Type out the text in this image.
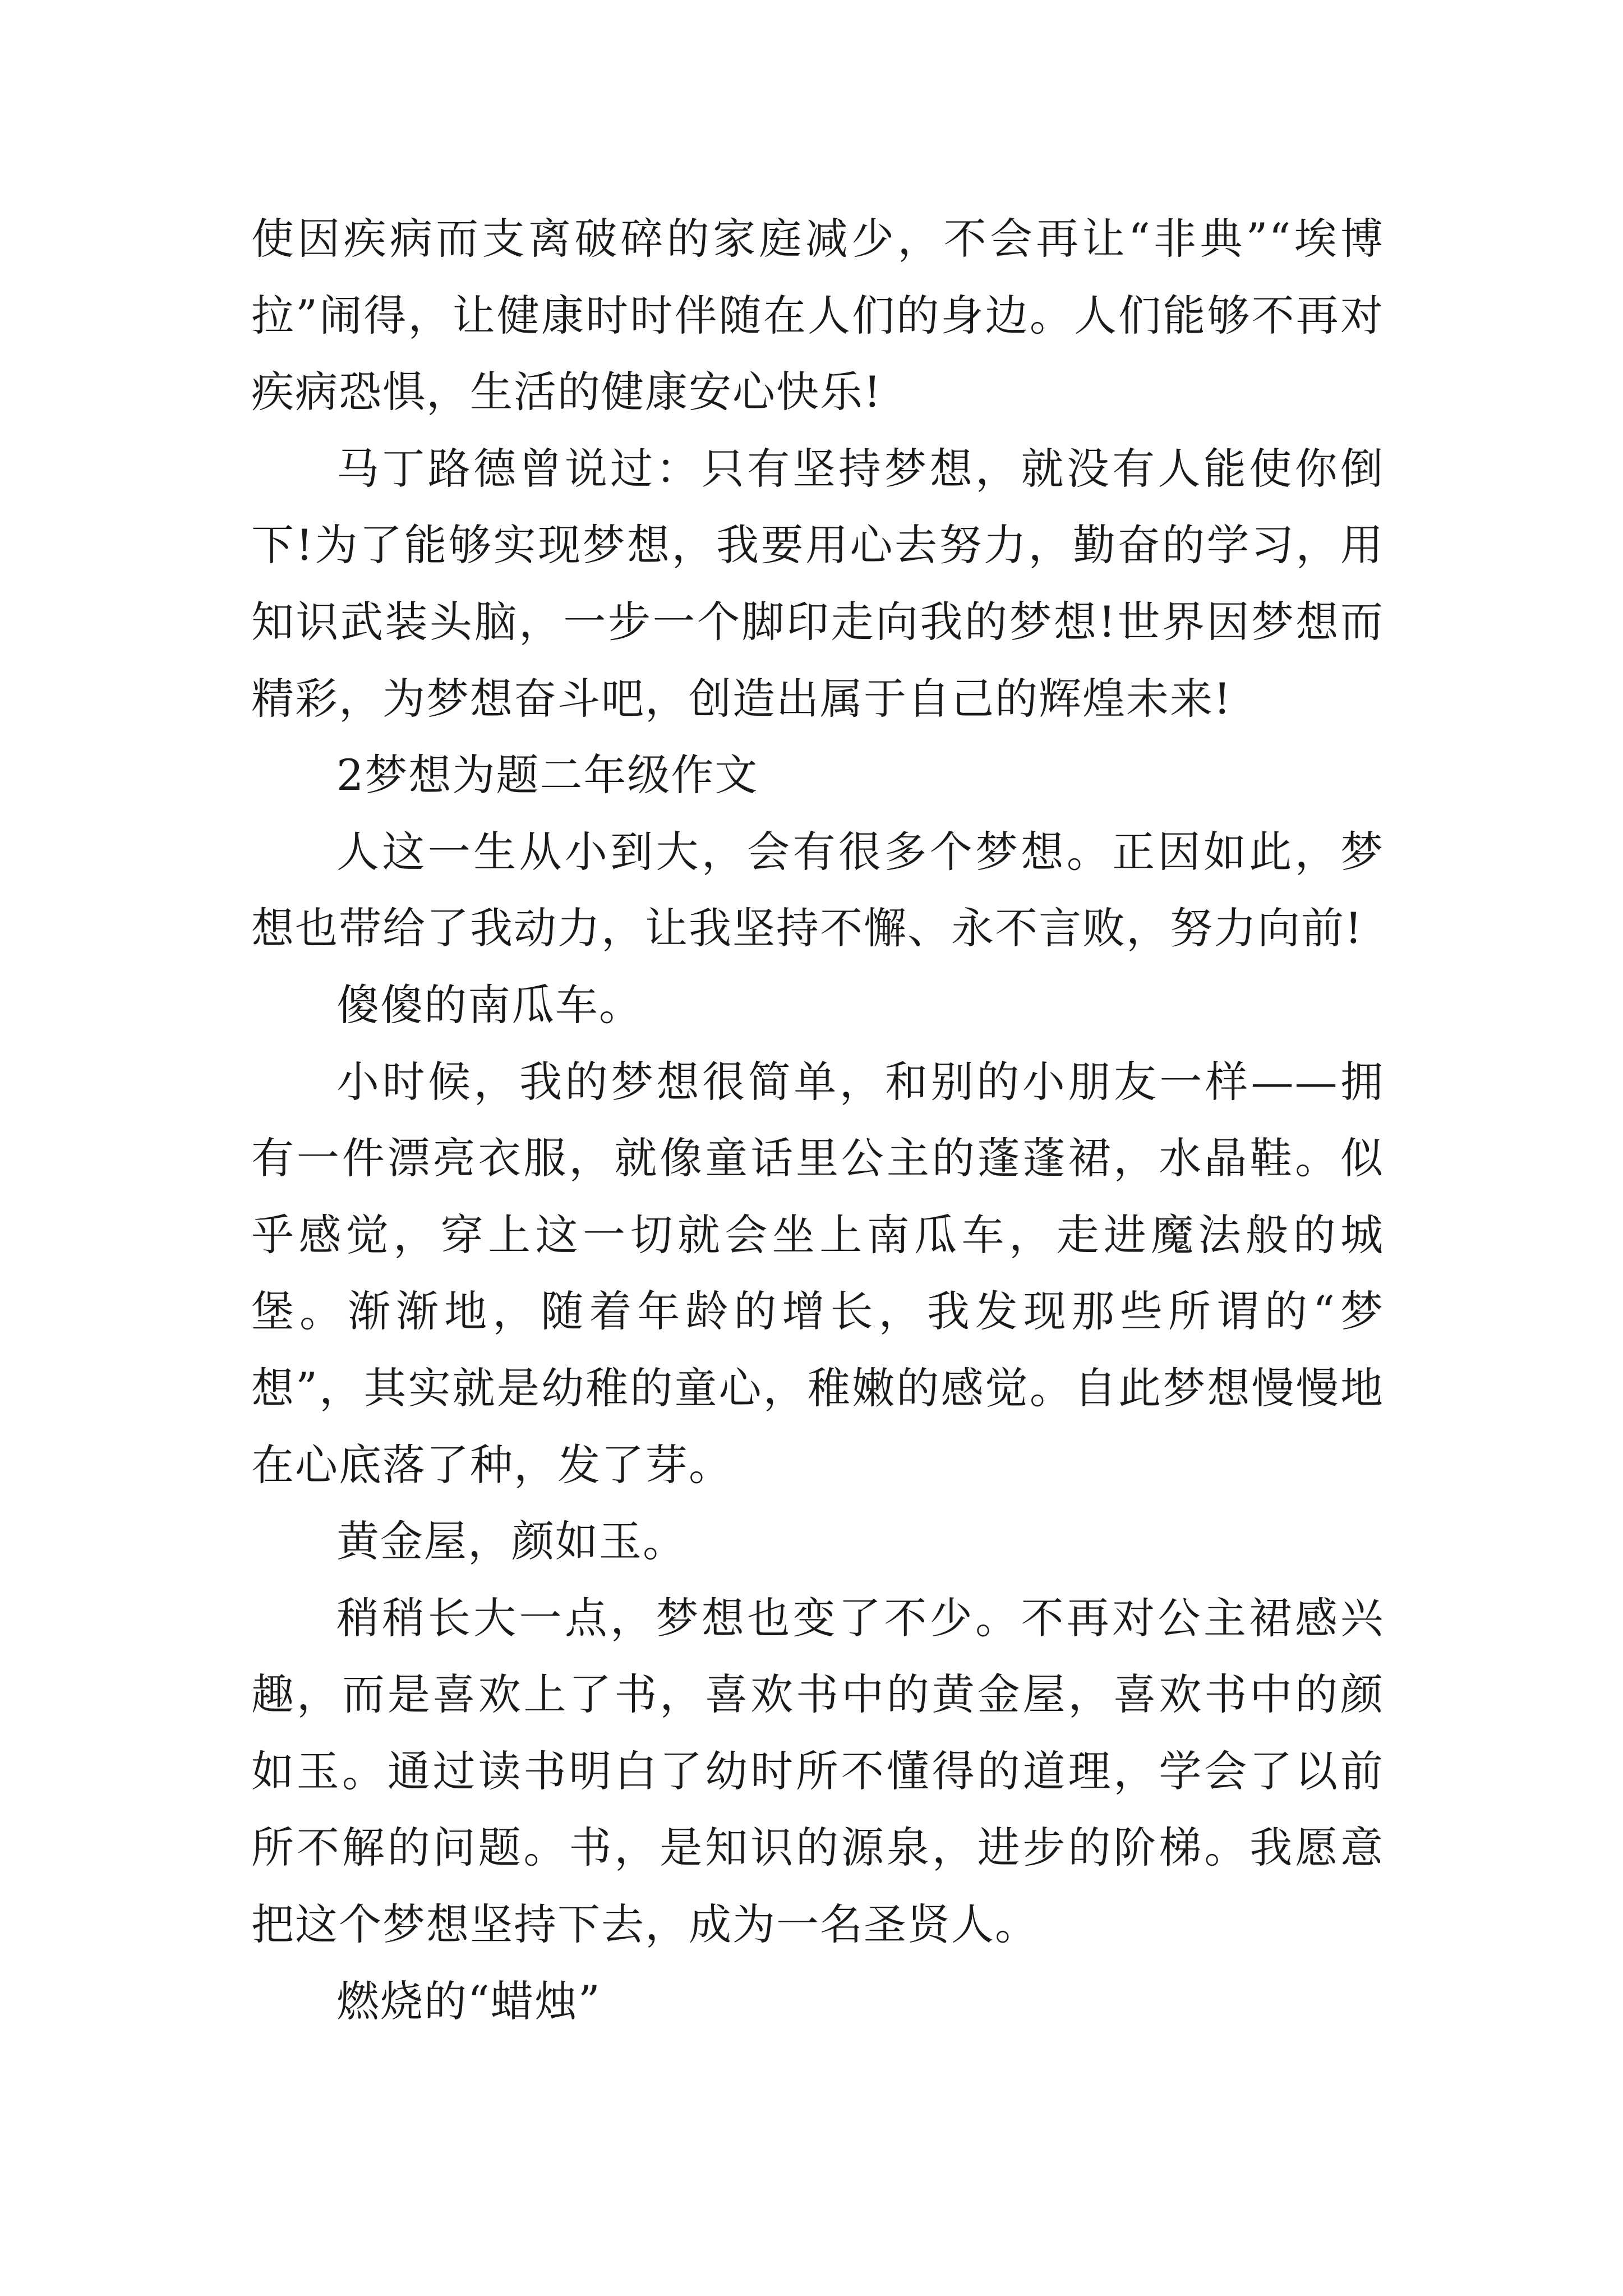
使因疾病而支离破碎的家庭减少，不会再让“非典”“埃博拉”闹得，让健康时时伴随在人们的身边。人们能够不再对疾病恐惧，生活的健康安心快乐!

马丁路德曾说过：只有坚持梦想，就没有人能使你倒下!为了能够实现梦想，我要用心去努力，勤奋的学习，用知识武装头脑，一步一个脚印走向我的梦想!世界因梦想而精彩，为梦想奋斗吧，创造出属于自己的辉煌未来!

2梦想为题二年级作文

人这一生从小到大，会有很多个梦想。正因如此，梦想也带给了我动力，让我坚持不懈、永不言败，努力向前!

傻傻的南瓜车。

小时候，我的梦想很简单，和别的小朋友一样——拥有一件漂亮衣服，就像童话里公主的蓬蓬裙，水晶鞋。似乎感觉，穿上这一切就会坐上南瓜车，走进魔法般的城堡。渐渐地，随着年龄的增长，我发现那些所谓的“梦想”，其实就是幼稚的童心，稚嫩的感觉。自此梦想慢慢地在心底落了种，发了芽。

黄金屋，颜如玉。

稍稍长大一点，梦想也变了不少。不再对公主裙感兴趣，而是喜欢上了书，喜欢书中的黄金屋，喜欢书中的颜如玉。通过读书明白了幼时所不懂得的道理，学会了以前所不解的问题。书，是知识的源泉，进步的阶梯。我愿意把这个梦想坚持下去，成为一名圣贤人。

燃烧的“蜡烛”
